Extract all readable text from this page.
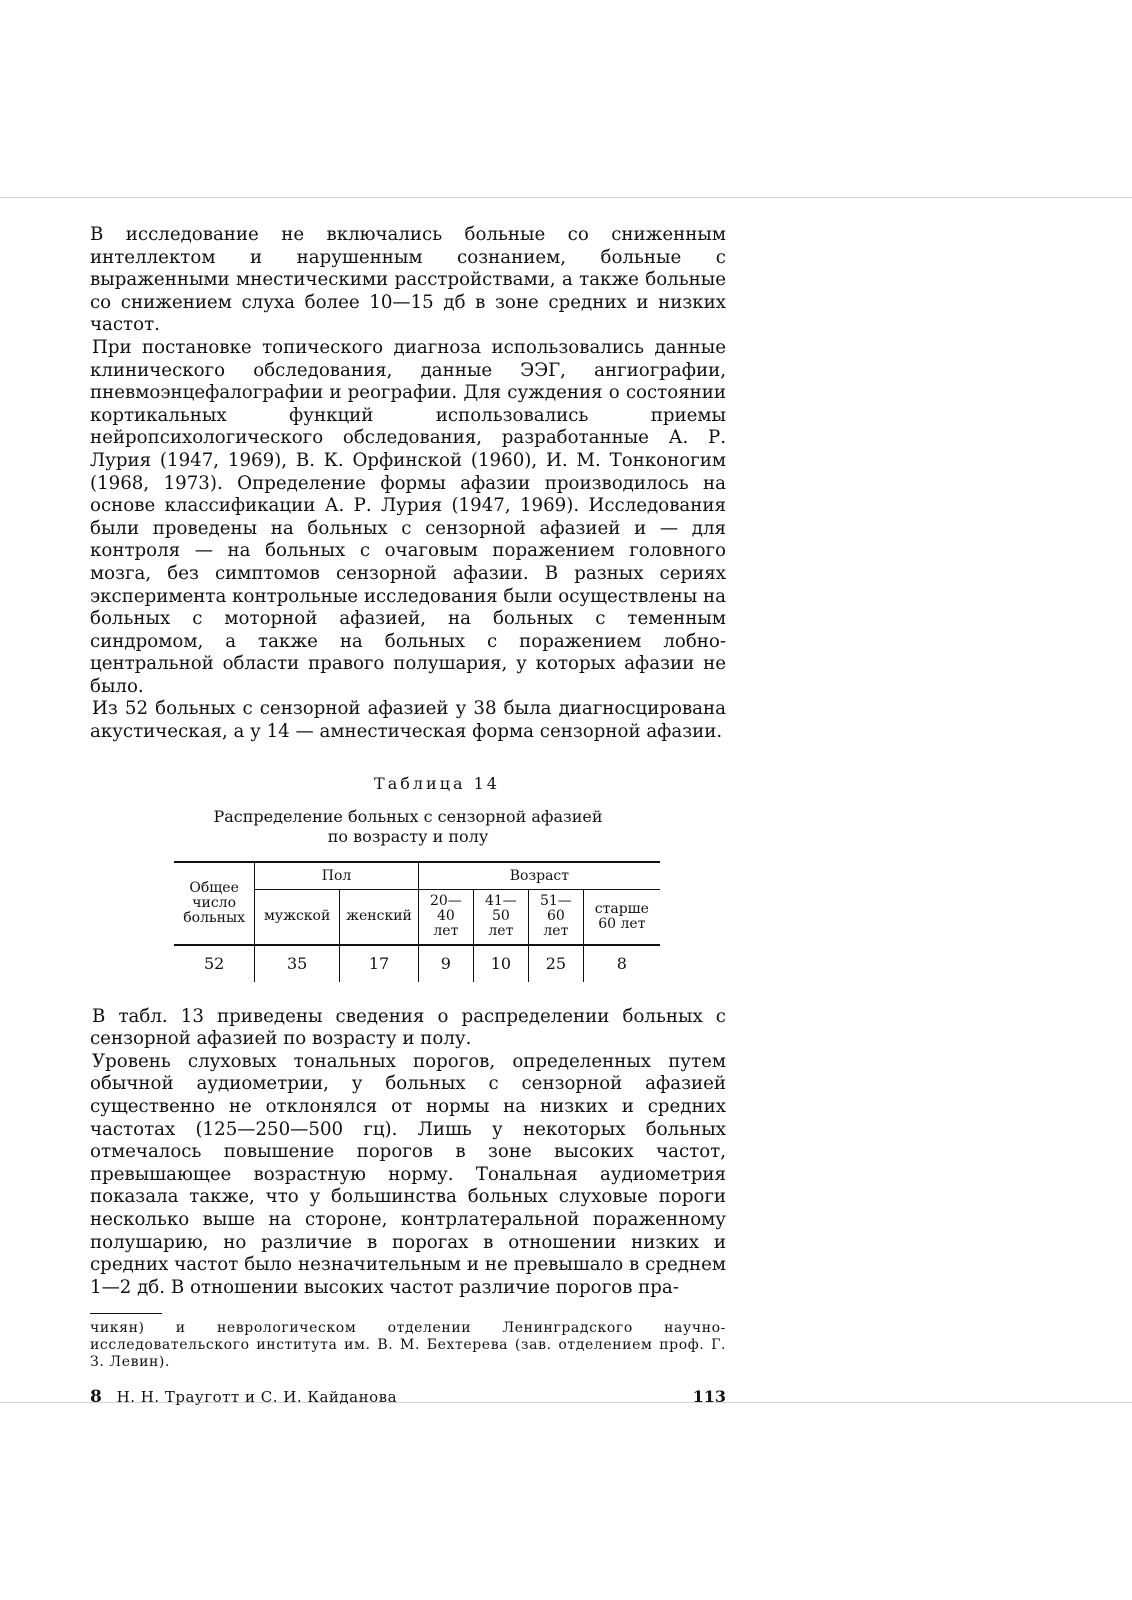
В исследование не включались больные со сниженным интеллектом и нарушенным сознанием, больные с выраженными мнестическими расстройствами, а также больные со снижением слуха более 10—15 дб в зоне средних и низких частот.

При постановке топического диагноза использовались данные клинического обследования, данные ЭЭГ, ангиографии, пневмоэнцефалографии и реографии. Для суждения о состоянии кортикальных функций использовались приемы нейропсихологического обследования, разработанные А. Р. Лурия (1947, 1969), В. К. Орфинской (1960), И. М. Тонконогим (1968, 1973). Определение формы афазии производилось на основе классификации А. Р. Лурия (1947, 1969). Исследования были проведены на больных с сензорной афазией и — для контроля — на больных с очаговым поражением головного мозга, без симптомов сензорной афазии. В разных сериях эксперимента контрольные исследования были осуществлены на больных с моторной афазией, на больных с теменным синдромом, а также на больных с поражением лобно-центральной области правого полушария, у которых афазии не было.

Из 52 больных с сензорной афазией у 38 была диагносцирована акустическая, а у 14 — амнестическая форма сензорной афазии.

Таблица 14
Распределение больных с сензорной афазией
по возрасту и полу
Общее число больных	Пол		Возраст			
	мужской	женский	20—40 лет	41—50 лет	51—60 лет	старше 60 лет
52	35	17	9	10	25	8

В табл. 13 приведены сведения о распределении больных с сензорной афазией по возрасту и полу.

Уровень слуховых тональных порогов, определенных путем обычной аудиометрии, у больных с сензорной афазией существенно не отклонялся от нормы на низких и средних частотах (125—250—500 гц). Лишь у некоторых больных отмечалось повышение порогов в зоне высоких частот, превышающее возрастную норму. Тональная аудиометрия показала также, что у большинства больных слуховые пороги несколько выше на стороне, контрлатеральной пораженному полушарию, но различие в порогах в отношении низких и средних частот было незначительным и не превышало в среднем 1—2 дб. В отношении высоких частот различие порогов пра-

чикян) и неврологическом отделении Ленинградского научно-исследовательского института им. В. М. Бехтерева (зав. отделением проф. Г. З. Левин).

8 Н. Н. Трауготт и С. И. Кайданова	113
